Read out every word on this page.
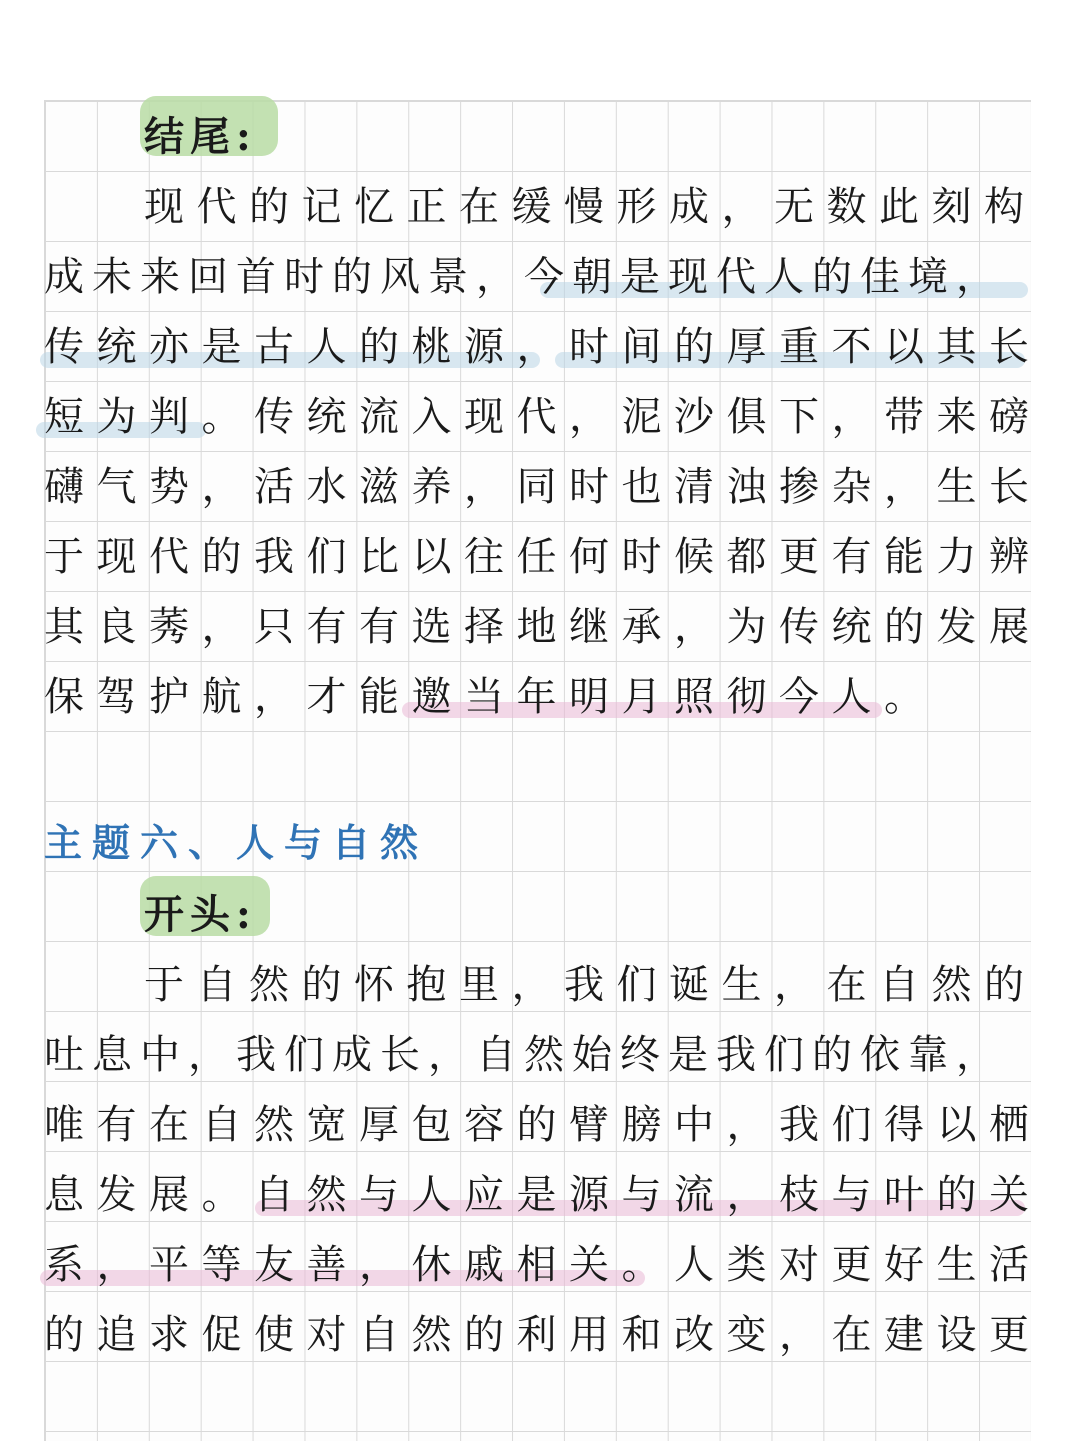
结尾:
现代的记忆正在缓慢形成，无数此刻构
成未来回首时的风景，今朝是现代人的佳境，
传统亦是古人的桃源，时间的厚重不以其长
短为判。传统流入现代，泥沙俱下，带来磅
礴气势，活水滋养，同时也清浊掺杂，生长
于现代的我们比以往任何时候都更有能力辨
其良莠，只有有选择地继承，为传统的发展
保驾护航，才能邀当年明月照彻今人。
主题六、人与自然
开头:
于自然的怀抱里，我们诞生，在自然的
吐息中，我们成长，自然始终是我们的依靠，
唯有在自然宽厚包容的臂膀中，我们得以栖
息发展。自然与人应是源与流，枝与叶的关
系，平等友善，休戚相关。人类对更好生活
的追求促使对自然的利用和改变，在建设更
